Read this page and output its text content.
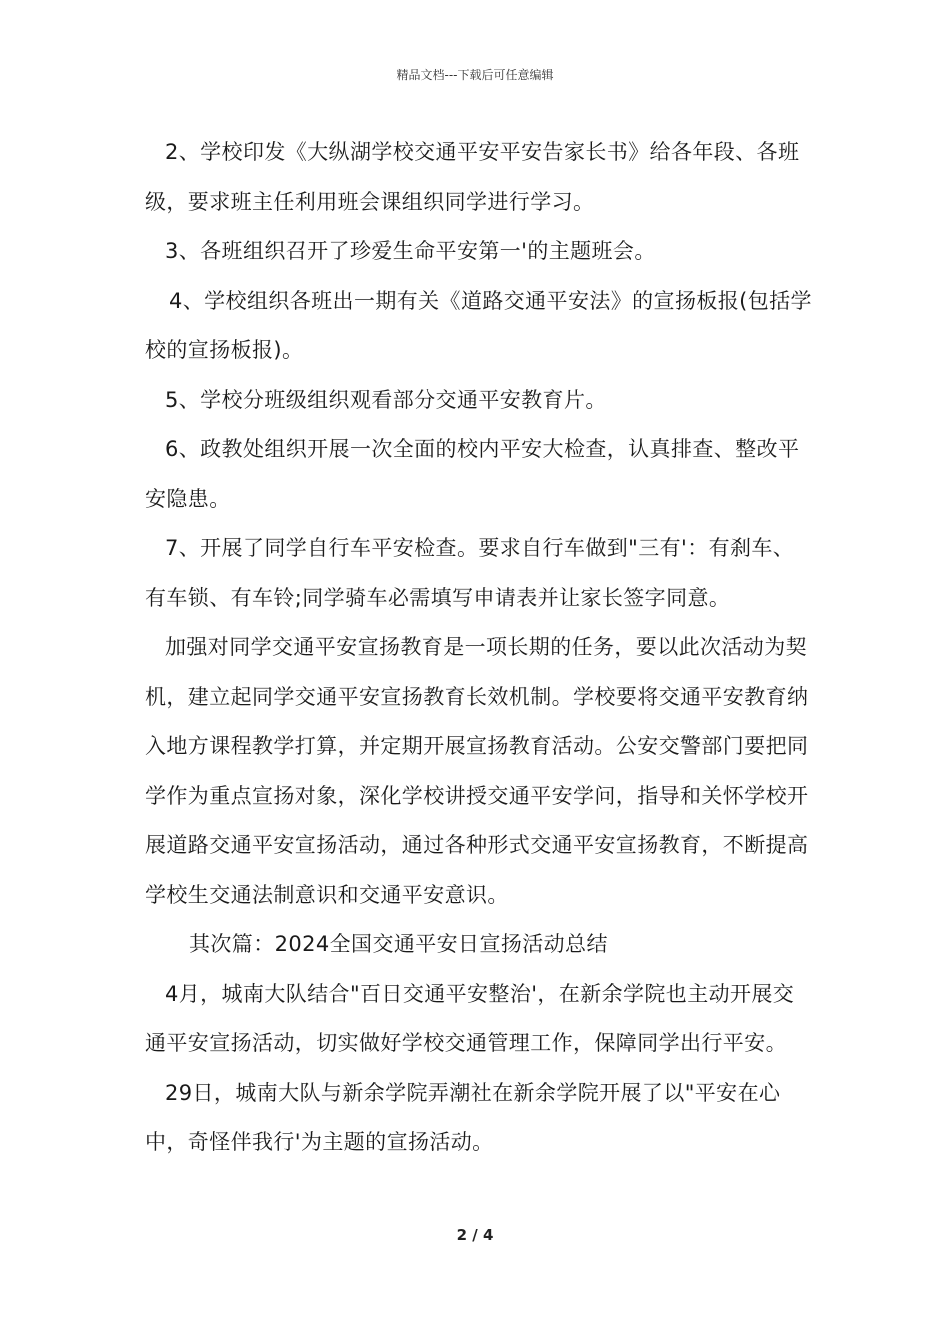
精品文档---下载后可任意编辑

2、学校印发《大纵湖学校交通平安平安告家长书》给各年段、各班级，要求班主任利用班会课组织同学进行学习。

3、各班组织召开了珍爱生命平安第一'的主题班会。

4、学校组织各班出一期有关《道路交通平安法》的宣扬板报(包括学校的宣扬板报)。

5、学校分班级组织观看部分交通平安教育片。

6、政教处组织开展一次全面的校内平安大检查，认真排查、整改平安隐患。

7、开展了同学自行车平安检查。要求自行车做到"三有'：有刹车、有车锁、有车铃;同学骑车必需填写申请表并让家长签字同意。

加强对同学交通平安宣扬教育是一项长期的任务，要以此次活动为契机，建立起同学交通平安宣扬教育长效机制。学校要将交通平安教育纳入地方课程教学打算，并定期开展宣扬教育活动。公安交警部门要把同学作为重点宣扬对象，深化学校讲授交通平安学问，指导和关怀学校开展道路交通平安宣扬活动，通过各种形式交通平安宣扬教育，不断提高学校生交通法制意识和交通平安意识。

其次篇：2024全国交通平安日宣扬活动总结

4月，城南大队结合"百日交通平安整治'，在新余学院也主动开展交通平安宣扬活动，切实做好学校交通管理工作，保障同学出行平安。

29日，城南大队与新余学院弄潮社在新余学院开展了以"平安在心中，奇怪伴我行'为主题的宣扬活动。

2 / 4
